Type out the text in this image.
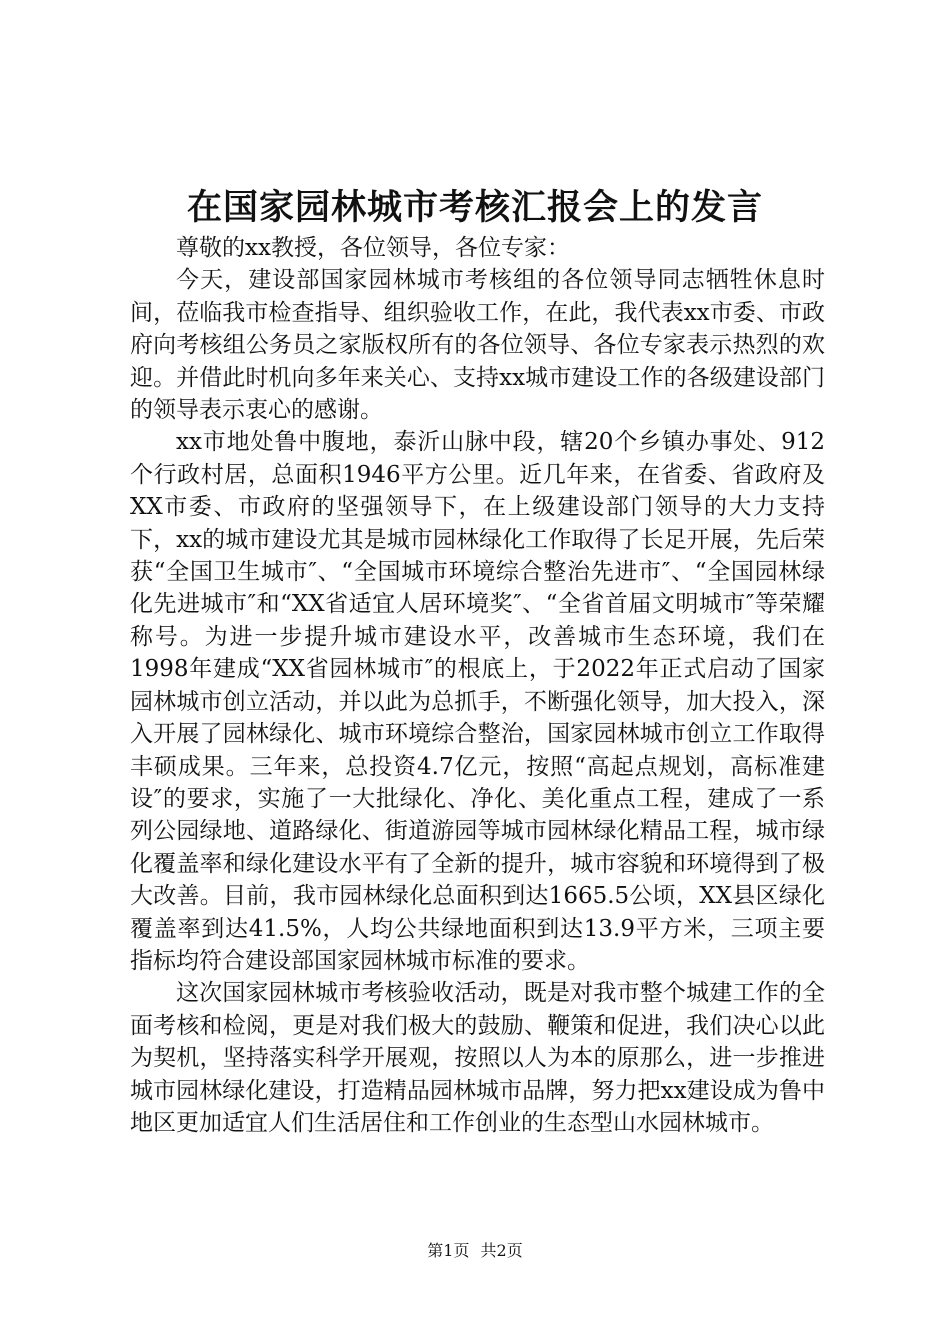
在国家园林城市考核汇报会上的发言

尊敬的xx教授，各位领导，各位专家：

今天，建设部国家园林城市考核组的各位领导同志牺牲休息时间，莅临我市检查指导、组织验收工作，在此，我代表xx市委、市政府向考核组公务员之家版权所有的各位领导、各位专家表示热烈的欢迎。并借此时机向多年来关心、支持xx城市建设工作的各级建设部门的领导表示衷心的感谢。

xx市地处鲁中腹地，泰沂山脉中段，辖20个乡镇办事处、912个行政村居，总面积1946平方公里。近几年来，在省委、省政府及XX市委、市政府的坚强领导下，在上级建设部门领导的大力支持下，xx的城市建设尤其是城市园林绿化工作取得了长足开展，先后荣获“全国卫生城市″、“全国城市环境综合整治先进市″、“全国园林绿化先进城市″和“XX省适宜人居环境奖″、“全省首届文明城市″等荣耀称号。为进一步提升城市建设水平，改善城市生态环境，我们在1998年建成“XX省园林城市″的根底上，于2022年正式启动了国家园林城市创立活动，并以此为总抓手，不断强化领导，加大投入，深入开展了园林绿化、城市环境综合整治，国家园林城市创立工作取得丰硕成果。三年来，总投资4.7亿元，按照“高起点规划，高标准建设″的要求，实施了一大批绿化、净化、美化重点工程，建成了一系列公园绿地、道路绿化、街道游园等城市园林绿化精品工程，城市绿化覆盖率和绿化建设水平有了全新的提升，城市容貌和环境得到了极大改善。目前，我市园林绿化总面积到达1665.5公顷，XX县区绿化覆盖率到达41.5%，人均公共绿地面积到达13.9平方米，三项主要指标均符合建设部国家园林城市标准的要求。

这次国家园林城市考核验收活动，既是对我市整个城建工作的全面考核和检阅，更是对我们极大的鼓励、鞭策和促进，我们决心以此为契机，坚持落实科学开展观，按照以人为本的原那么，进一步推进城市园林绿化建设，打造精品园林城市品牌，努力把xx建设成为鲁中地区更加适宜人们生活居住和工作创业的生态型山水园林城市。

第1页 共2页
